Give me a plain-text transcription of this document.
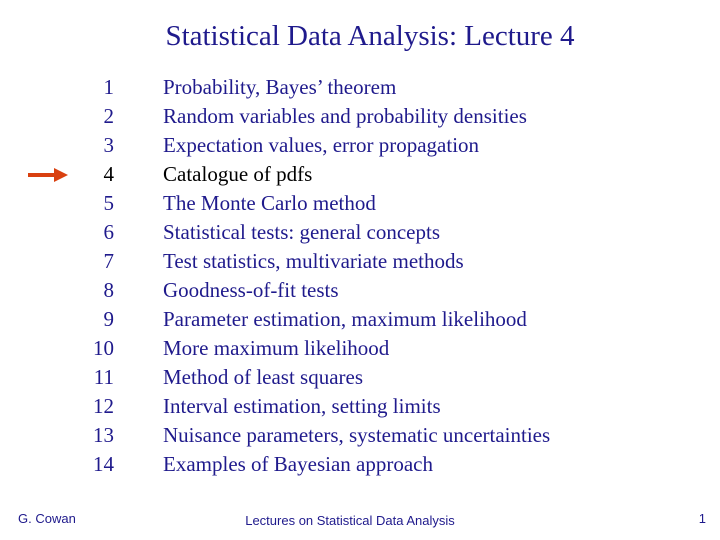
Statistical Data Analysis: Lecture 4
1 Probability, Bayes’ theorem
2 Random variables and probability densities
3 Expectation values, error propagation
4 Catalogue of pdfs
5 The Monte Carlo method
6 Statistical tests: general concepts
7 Test statistics, multivariate methods
8 Goodness-of-fit tests
9 Parameter estimation, maximum likelihood
10 More maximum likelihood
11 Method of least squares
12 Interval estimation, setting limits
13 Nuisance parameters, systematic uncertainties
14 Examples of Bayesian approach
G. Cowan	Lectures on Statistical Data Analysis	1
